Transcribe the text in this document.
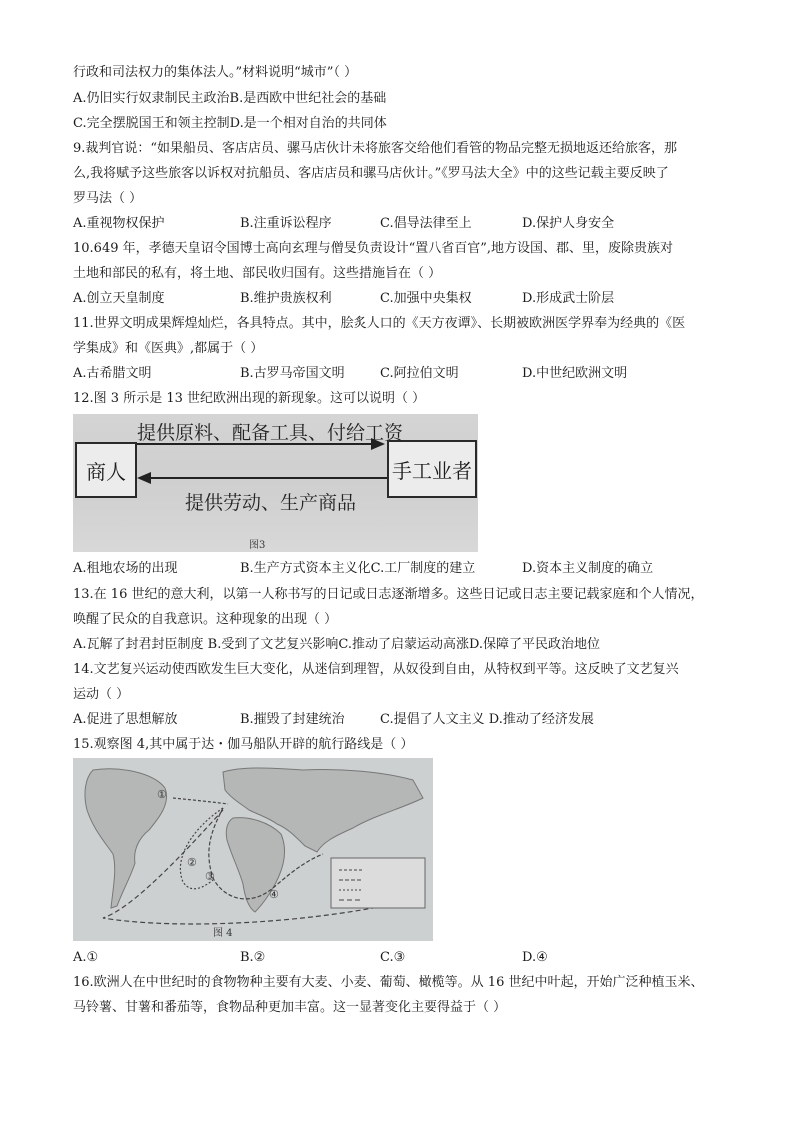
行政和司法权力的集体法人。”材料说明“城市”（ ）
A.仍旧实行奴隶制民主政治B.是西欧中世纪社会的基础
C.完全摆脱国王和领主控制D.是一个相对自治的共同体
9.裁判官说：“如果船员、客店店员、骡马店伙计未将旅客交给他们看管的物品完整无损地返还给旅客，那
么,我将赋予这些旅客以诉权对抗船员、客店店员和骡马店伙计。”《罗马法大全》中的这些记载主要反映了
罗马法（ ）
A.重视物权保护	B.注重诉讼程序	C.倡导法律至上	D.保护人身安全
10.649 年，孝德天皇诏令国博士高向玄理与僧旻负责设计“置八省百官”,地方设国、郡、里，废除贵族对
土地和部民的私有，将土地、部民收归国有。这些措施旨在（ ）
A.创立天皇制度	B.维护贵族权利	C.加强中央集权	D.形成武士阶层
11.世界文明成果辉煌灿烂，各具特点。其中，脍炙人口的《天方夜谭》、长期被欧洲医学界奉为经典的《医
学集成》和《医典》,都属于（ ）
A.古希腊文明	B.古罗马帝国文明	C.阿拉伯文明	D.中世纪欧洲文明
12.图 3 所示是 13 世纪欧洲出现的新现象。这可以说明（ ）
商人	手工业者
提供原料、配备工具、付给工资
提供劳动、生产商品
图3
A.租地农场的出现	B.生产方式资本主义化C.工厂制度的建立	D.资本主义制度的确立
13.在 16 世纪的意大利，以第一人称书写的日记或日志逐渐增多。这些日记或日志主要记载家庭和个人情况，
唤醒了民众的自我意识。这种现象的出现（ ）
A.瓦解了封君封臣制度 B.受到了文艺复兴影响C.推动了启蒙运动高涨D.保障了平民政治地位
14.文艺复兴运动使西欧发生巨大变化，从迷信到理智，从奴役到自由，从特权到平等。这反映了文艺复兴
运动（ ）
A.促进了思想解放	B.摧毁了封建统治	C.提倡了人文主义 D.推动了经济发展
15.观察图 4,其中属于达・伽马船队开辟的航行路线是（ ）
①
②
③
④
图 4
A.①	B.②	C.③	D.④
16.欧洲人在中世纪时的食物物种主要有大麦、小麦、葡萄、橄榄等。从 16 世纪中叶起，开始广泛种植玉米、
马铃薯、甘薯和番茄等，食物品种更加丰富。这一显著变化主要得益于（ ）
